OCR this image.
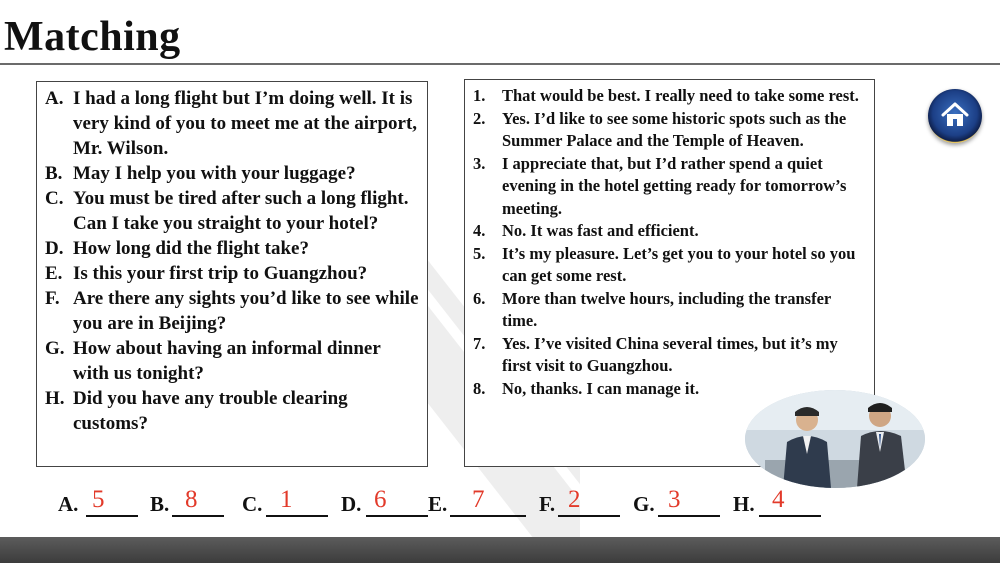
Matching
A. I had a long flight but I’m doing well. It is very kind of you to meet me at the airport, Mr. Wilson.
B. May I help you with your luggage?
C. You must be tired after such a long flight. Can I take you straight to your hotel?
D. How long did the flight take?
E. Is this your first trip to Guangzhou?
F. Are there any sights you’d like to see while you are in Beijing?
G. How about having an informal dinner with us tonight?
H. Did you have any trouble clearing customs?
1.	That would be best. I really need to take some rest.
2.	Yes. I’d like to see some historic spots such as the Summer Palace and the Temple of Heaven.
3.	I appreciate that, but I’d rather spend a quiet evening in the hotel getting ready for tomorrow’s meeting.
4.	No. It was fast and efficient.
5.	It’s my pleasure. Let’s get you to your hotel so you can get some rest.
6.	More than twelve hours, including the transfer time.
7.	Yes. I’ve visited China several times, but it’s my first visit to Guangzhou.
8.	No, thanks. I can manage it.
A. 5 B. 8 C. 1 D. 6 E. 7	F. 2	G. 3	H. 4
